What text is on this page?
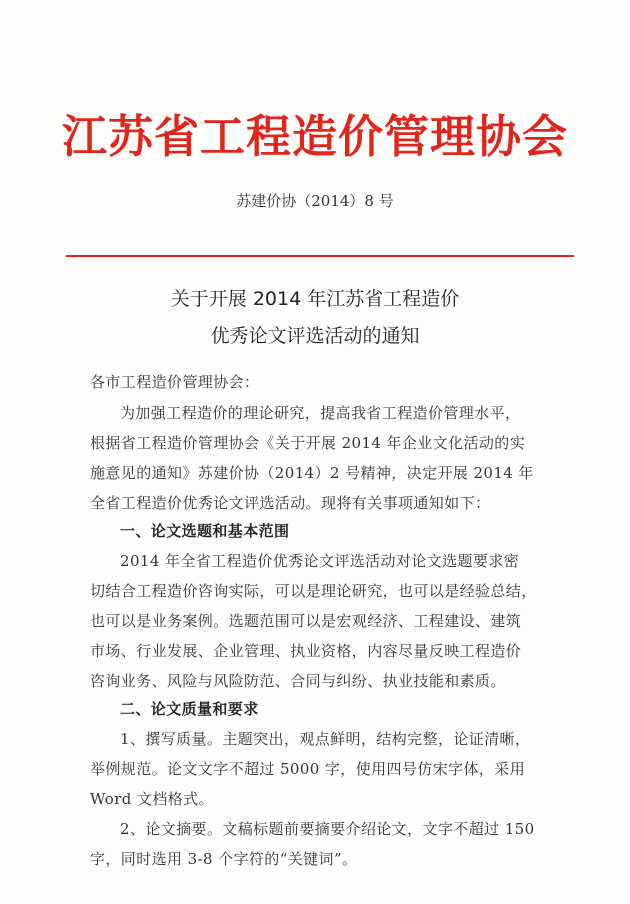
江苏省工程造价管理协会
苏建价协（2014）8 号
关于开展 2014 年江苏省工程造价
优秀论文评选活动的通知
各市工程造价管理协会：
为加强工程造价的理论研究，提高我省工程造价管理水平，
根据省工程造价管理协会《关于开展 2014 年企业文化活动的实
施意见的通知》苏建价协（2014）2 号精神，决定开展 2014 年
全省工程造价优秀论文评选活动。现将有关事项通知如下：
一、论文选题和基本范围
2014 年全省工程造价优秀论文评选活动对论文选题要求密
切结合工程造价咨询实际，可以是理论研究，也可以是经验总结，
也可以是业务案例。选题范围可以是宏观经济、工程建设、建筑
市场、行业发展、企业管理、执业资格，内容尽量反映工程造价
咨询业务、风险与风险防范、合同与纠纷、执业技能和素质。
二、论文质量和要求
1、撰写质量。主题突出，观点鲜明，结构完整，论证清晰，
举例规范。论文文字不超过 5000 字，使用四号仿宋字体，采用
Word 文档格式。
2、论文摘要。文稿标题前要摘要介绍论文，文字不超过 150
字，同时选用 3-8 个字符的“关键词”。
